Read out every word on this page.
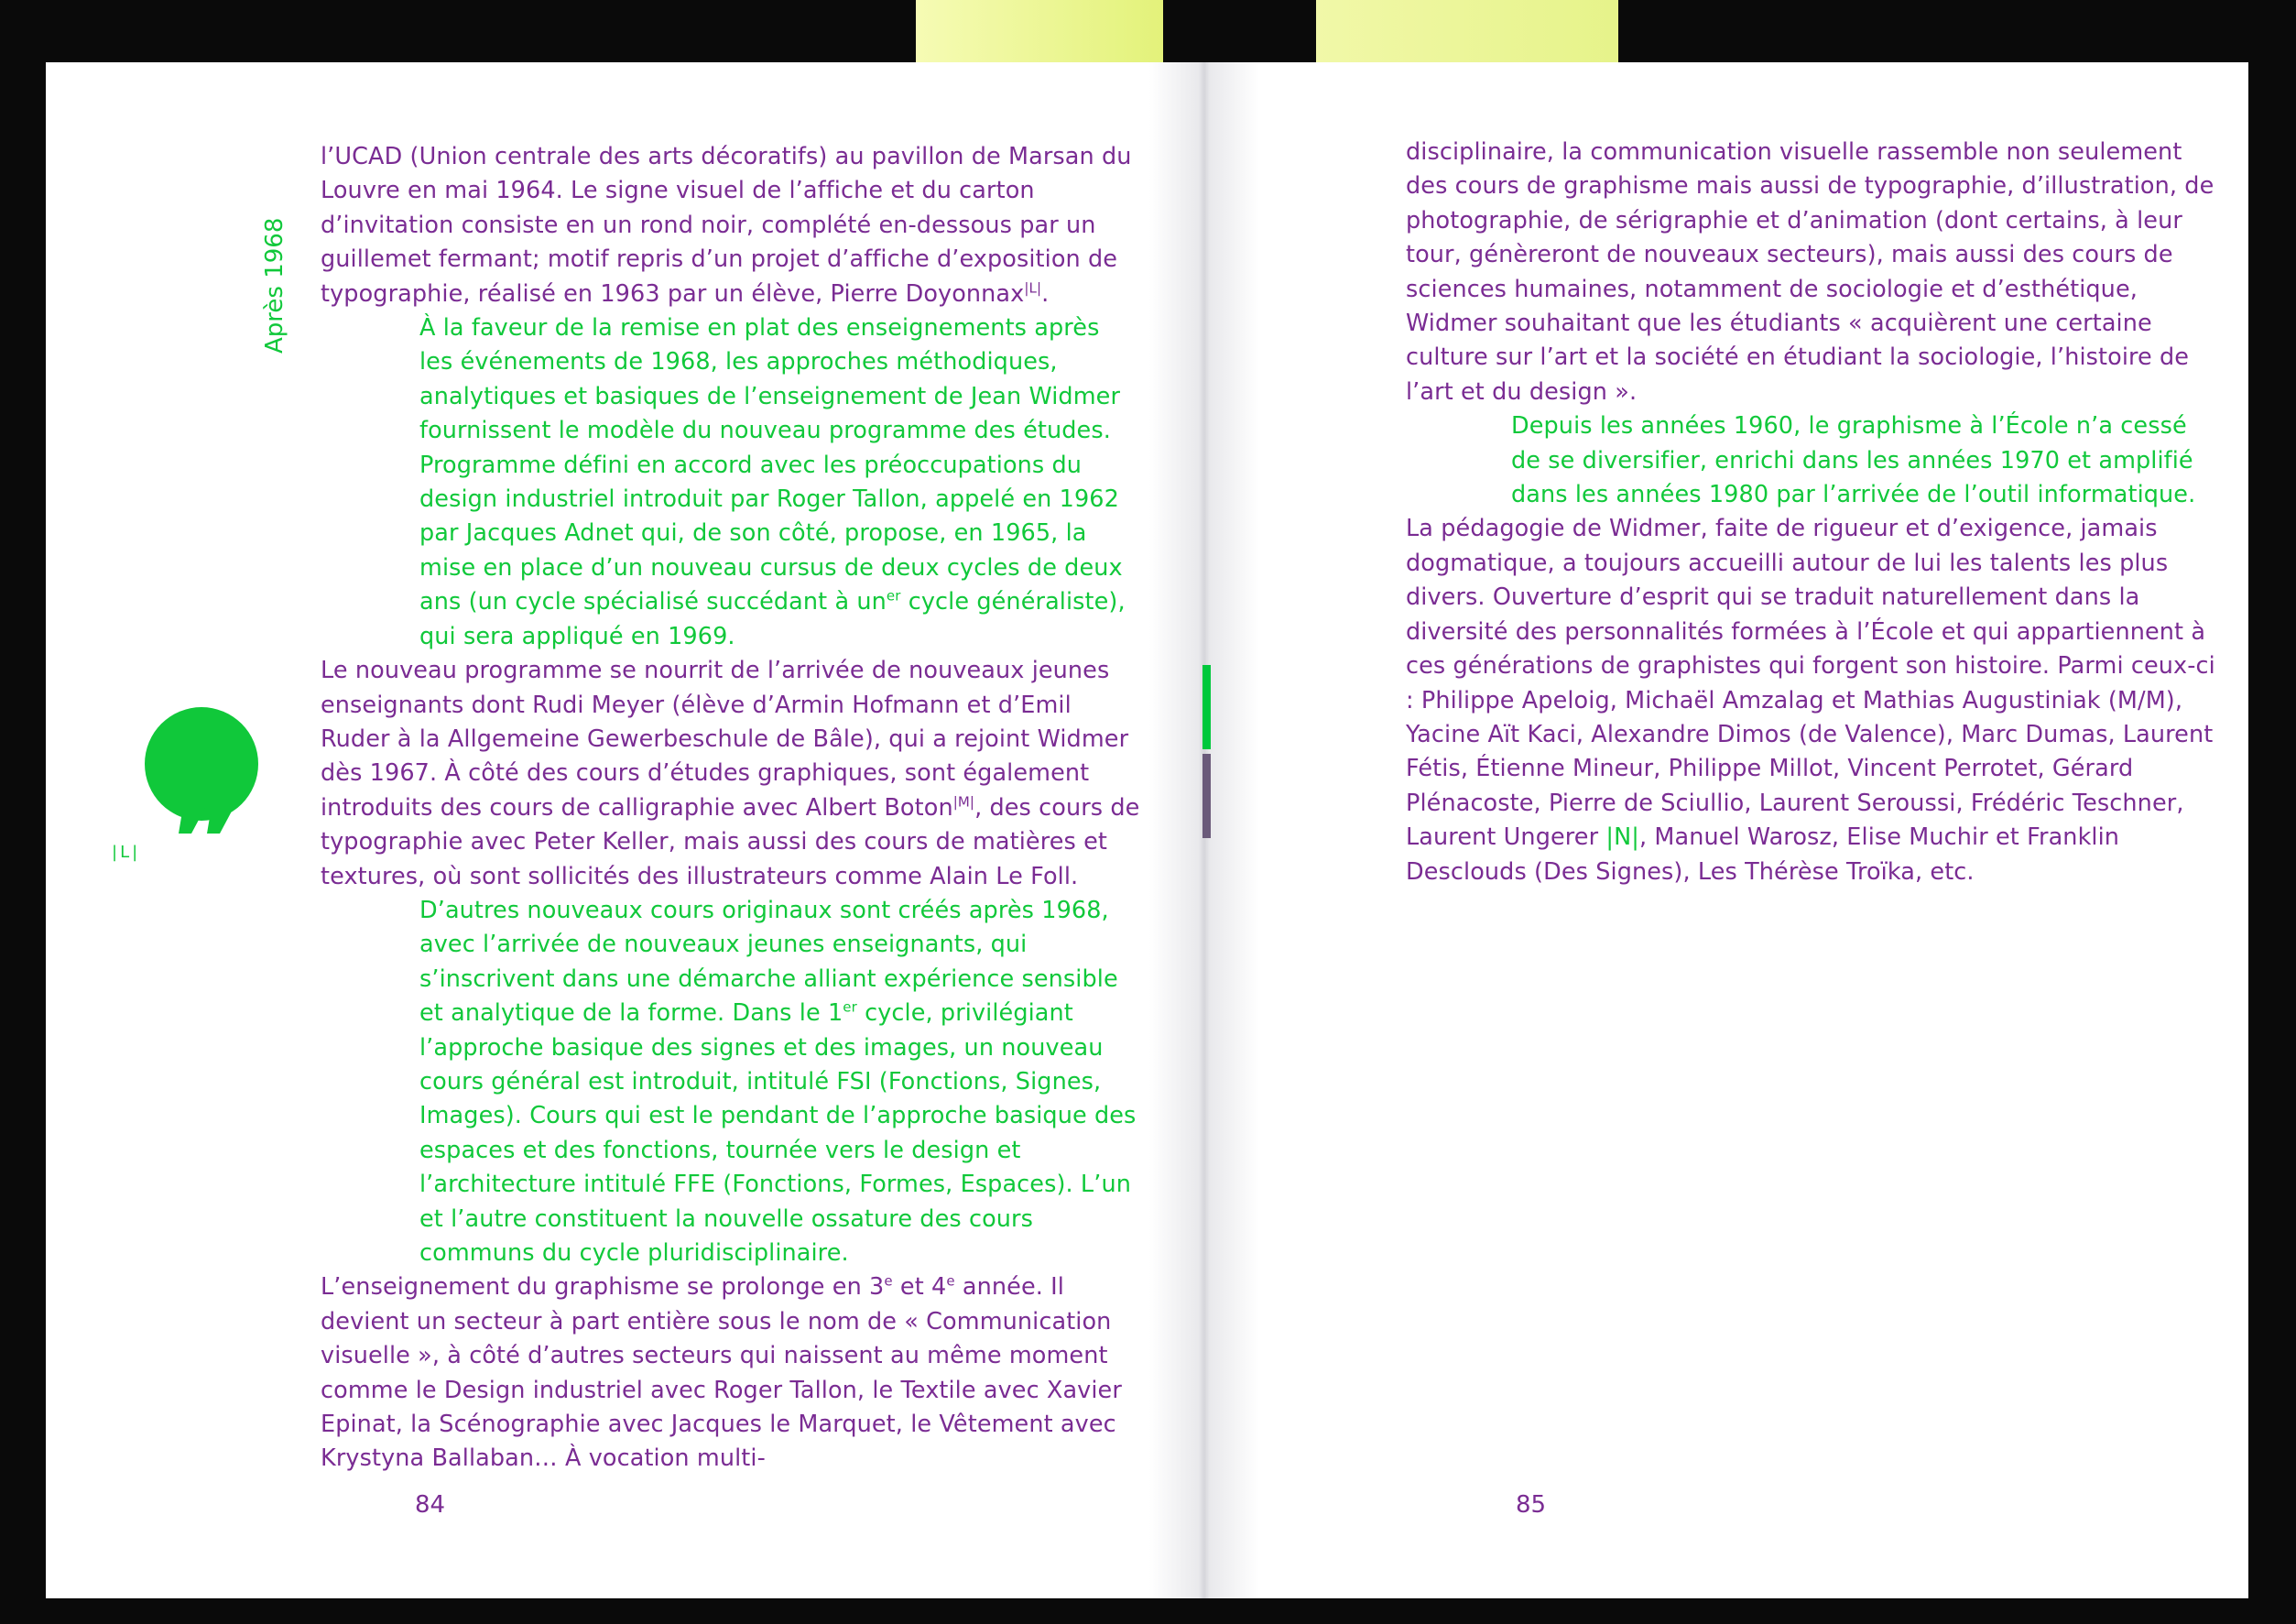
Après 1968
|L|

l’UCAD (Union centrale des arts décoratifs) au pavillon de Marsan du Louvre en mai 1964. Le signe visuel de l’affiche et du carton d’invitation consiste en un rond noir, complété en-dessous par un guillemet fermant; motif repris d’un projet d’affiche d’exposition de typographie, réalisé en 1963 par un élève, Pierre Doyonnax$^{|L|}$.

À la faveur de la remise en plat des enseignements après les événements de 1968, les approches méthodiques, analytiques et basiques de l’enseignement de Jean Widmer fournissent le modèle du nouveau programme des études. Programme défini en accord avec les préoccupations du design industriel introduit par Roger Tallon, appelé en 1962 par Jacques Adnet qui, de son côté, propose, en 1965, la mise en place d’un nouveau cursus de deux cycles de deux ans (un cycle spécialisé succédant à $un^{er}$ cycle généraliste), qui sera appliqué en 1969.

Le nouveau programme se nourrit de l’arrivée de nouveaux jeunes enseignants dont Rudi Meyer (élève d’Armin Hofmann et d’Emil Ruder à la Allgemeine Gewerbeschule de Bâle), qui a rejoint Widmer dès 1967. À côté des cours d’études graphiques, sont également introduits des cours de calligraphie avec Albert Boton$^{|M|}$, des cours de typographie avec Peter Keller, mais aussi des cours de matières et textures, où sont sollicités des illustrateurs comme Alain Le Foll.

D’autres nouveaux cours originaux sont créés après 1968, avec l’arrivée de nouveaux jeunes enseignants, qui s’inscrivent dans une démarche alliant expérience sensible et analytique de la forme. Dans le 1er cycle, privilégiant l’approche basique des signes et des images, un nouveau cours général est introduit, intitulé FSI (Fonctions, Signes, Images). Cours qui est le pendant de l’approche basique des espaces et des fonctions, tournée vers le design et l’architecture intitulé FFE (Fonctions, Formes, Espaces). L’un et l’autre constituent la nouvelle ossature des cours communs du cycle pluridisciplinaire.

L’enseignement du graphisme se prolonge en 3e et 4e année. Il devient un secteur à part entière sous le nom de « Communication visuelle », à côté d’autres secteurs qui naissent au même moment comme le Design industriel avec Roger Tallon, le Textile avec Xavier Epinat, la Scénographie avec Jacques le Marquet, le Vêtement avec Krystyna Ballaban… À vocation multi-

disciplinaire, la communication visuelle rassemble non seulement des cours de graphisme mais aussi de typographie, d’illustration, de photographie, de sérigraphie et d’animation (dont certains, à leur tour, génèreront de nouveaux secteurs), mais aussi des cours de sciences humaines, notamment de sociologie et d’esthétique, Widmer souhaitant que les étudiants « acquièrent une certaine culture sur l’art et la société en étudiant la sociologie, l’histoire de l’art et du design ».

Depuis les années 1960, le graphisme à l’École n’a cessé de se diversifier, enrichi dans les années 1970 et amplifié dans les années 1980 par l’arrivée de l’outil informatique.

La pédagogie de Widmer, faite de rigueur et d’exigence, jamais dogmatique, a toujours accueilli autour de lui les talents les plus divers. Ouverture d’esprit qui se traduit naturellement dans la diversité des personnalités formées à l’École et qui appartiennent à ces générations de graphistes qui forgent son histoire. Parmi ceux-ci : Philippe Apeloig, Michaël Amzalag et Mathias Augustiniak (M/M), Yacine Aït Kaci, Alexandre Dimos (de Valence), Marc Dumas, Laurent Fétis, Étienne Mineur, Philippe Millot, Vincent Perrotet, Gérard Plénacoste, Pierre de Sciullio, Laurent Seroussi, Frédéric Teschner, Laurent Ungerer |N|, Manuel Warosz, Elise Muchir et Franklin Desclouds (Des Signes), Les Thérèse Troïka, etc.

84	85
